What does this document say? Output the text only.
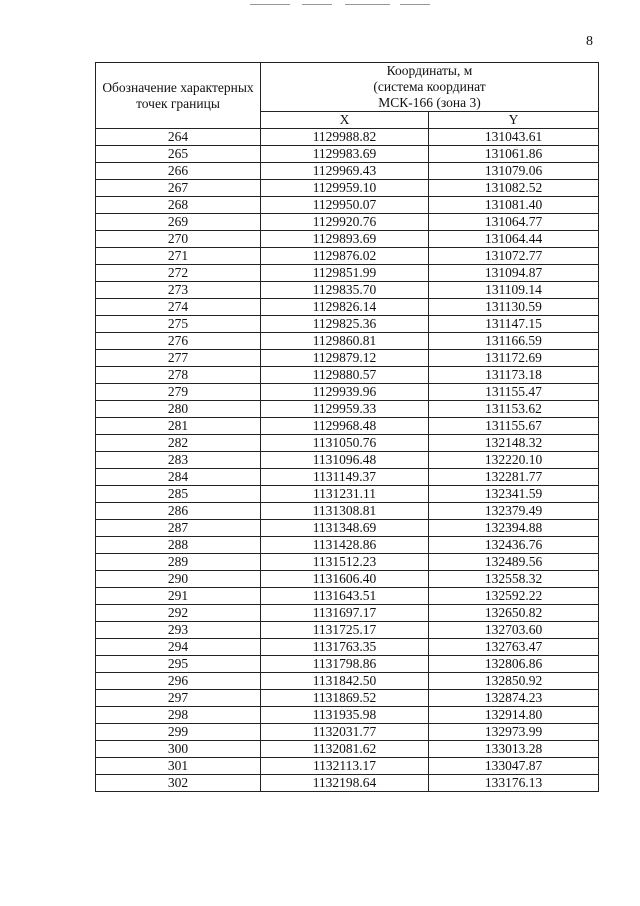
8
Обозначение характерных точек границы	Координаты, м (система координат МСК-166 (зона 3)	
	X	Y
264	1129988.82	131043.61
265	1129983.69	131061.86
266	1129969.43	131079.06
267	1129959.10	131082.52
268	1129950.07	131081.40
269	1129920.76	131064.77
270	1129893.69	131064.44
271	1129876.02	131072.77
272	1129851.99	131094.87
273	1129835.70	131109.14
274	1129826.14	131130.59
275	1129825.36	131147.15
276	1129860.81	131166.59
277	1129879.12	131172.69
278	1129880.57	131173.18
279	1129939.96	131155.47
280	1129959.33	131153.62
281	1129968.48	131155.67
282	1131050.76	132148.32
283	1131096.48	132220.10
284	1131149.37	132281.77
285	1131231.11	132341.59
286	1131308.81	132379.49
287	1131348.69	132394.88
288	1131428.86	132436.76
289	1131512.23	132489.56
290	1131606.40	132558.32
291	1131643.51	132592.22
292	1131697.17	132650.82
293	1131725.17	132703.60
294	1131763.35	132763.47
295	1131798.86	132806.86
296	1131842.50	132850.92
297	1131869.52	132874.23
298	1131935.98	132914.80
299	1132031.77	132973.99
300	1132081.62	133013.28
301	1132113.17	133047.87
302	1132198.64	133176.13
